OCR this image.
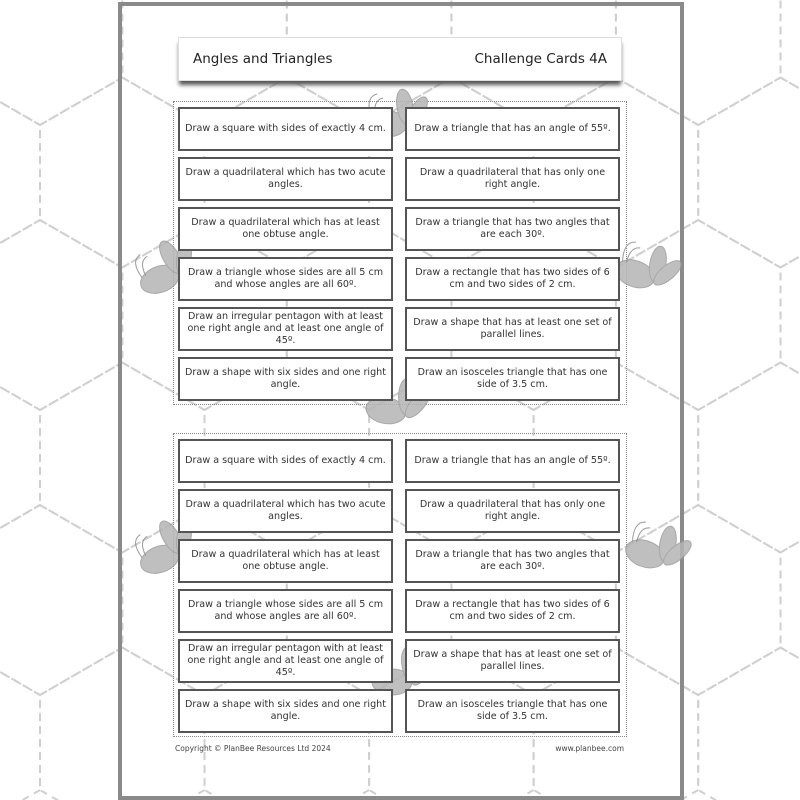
Angles and Triangles	Challenge Cards 4A
Draw a square with sides of exactly 4 cm.	Draw a triangle that has an angle of 55º.
Draw a quadrilateral which has two acute angles.
Draw a quadrilateral that has only one right angle.
Draw a quadrilateral which has at least one obtuse angle.
Draw a triangle that has two angles that are each 30º.
Draw a triangle whose sides are all 5 cm and whose angles are all 60º.
Draw a rectangle that has two sides of 6 cm and two sides of 2 cm.
Draw an irregular pentagon with at least one right angle and at least one angle of 45º.
Draw a shape that has at least one set of parallel lines.
Draw a shape with six sides and one right angle.
Draw an isosceles triangle that has one side of 3.5 cm.
Draw a square with sides of exactly 4 cm.	Draw a triangle that has an angle of 55º.
Draw a quadrilateral which has two acute angles.
Draw a quadrilateral that has only one right angle.
Draw a quadrilateral which has at least one obtuse angle.
Draw a triangle that has two angles that are each 30º.
Draw a triangle whose sides are all 5 cm and whose angles are all 60º.
Draw a rectangle that has two sides of 6 cm and two sides of 2 cm.
Draw an irregular pentagon with at least one right angle and at least one angle of 45º.
Draw a shape that has at least one set of parallel lines.
Draw a shape with six sides and one right angle.
Draw an isosceles triangle that has one side of 3.5 cm.
Copyright © PlanBee Resources Ltd 2024	www.planbee.com
